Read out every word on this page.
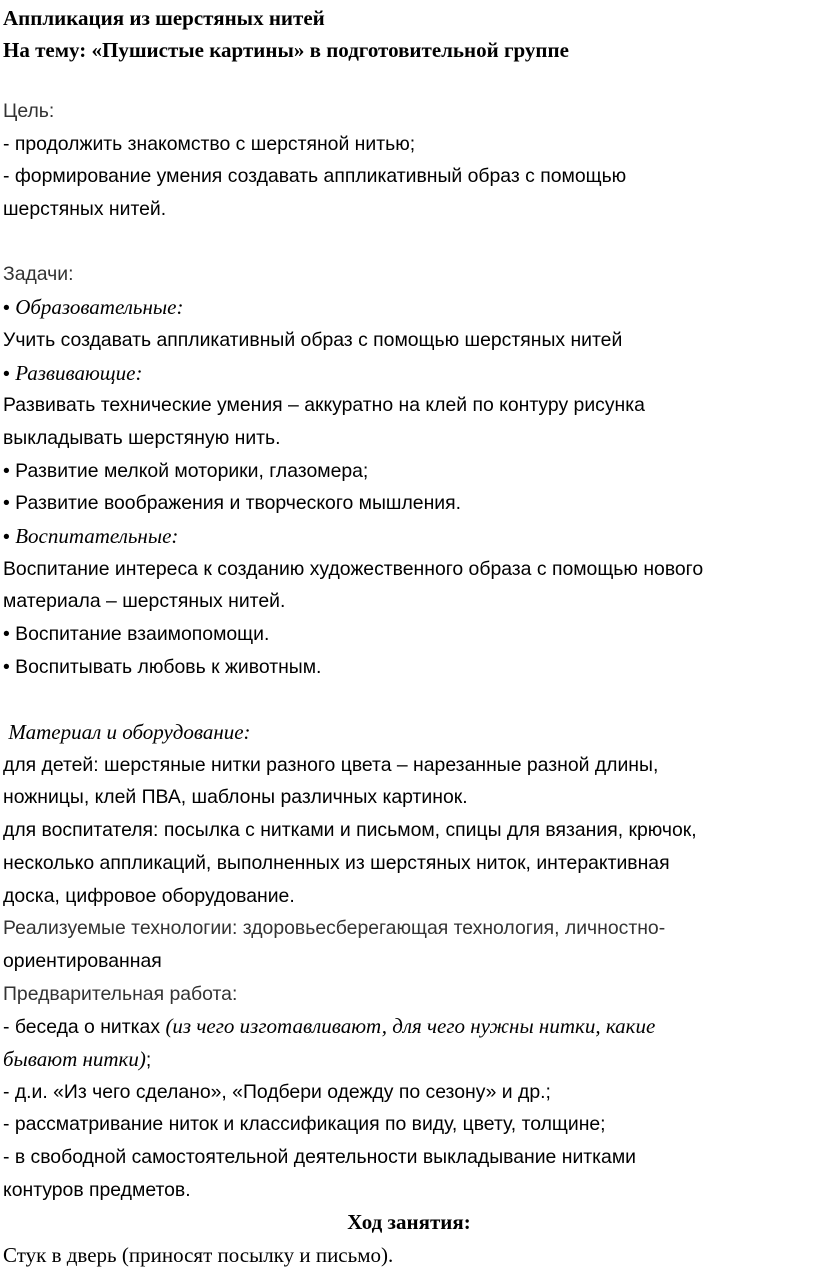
Аппликация из шерстяных нитей

На тему: «Пушистые картины» в подготовительной группе

Цель:
- продолжить знакомство с шерстяной нитью;
- формирование умения создавать аппликативный образ с помощью
шерстяных нитей.
Задачи:
• Образовательные:
Учить создавать аппликативный образ с помощью шерстяных нитей
• Развивающие:
Развивать технические умения – аккуратно на клей по контуру рисунка
выкладывать шерстяную нить.
• Развитие мелкой моторики, глазомера;
• Развитие воображения и творческого мышления.
• Воспитательные:
Воспитание интереса к созданию художественного образа с помощью нового
материала – шерстяных нитей.
• Воспитание взаимопомощи.
• Воспитывать любовь к животным.
Материал и оборудование:
для детей: шерстяные нитки разного цвета – нарезанные разной длины,
ножницы, клей ПВА, шаблоны различных картинок.
для воспитателя: посылка с нитками и письмом, спицы для вязания, крючок,
несколько аппликаций, выполненных из шерстяных ниток, интерактивная
доска, цифровое оборудование.
Реализуемые технологии: здоровьесберегающая технология, личностно-
ориентированная
Предварительная работа:
- беседа о нитках (из чего изготавливают, для чего нужны нитки, какие
бывают нитки);
- д.и. «Из чего сделано», «Подбери одежду по сезону» и др.;
- рассматривание ниток и классификация по виду, цвету, толщине;
- в свободной самостоятельной деятельности выкладывание нитками
контуров предметов.
Ход занятия:
Стук в дверь (приносят посылку и письмо).
